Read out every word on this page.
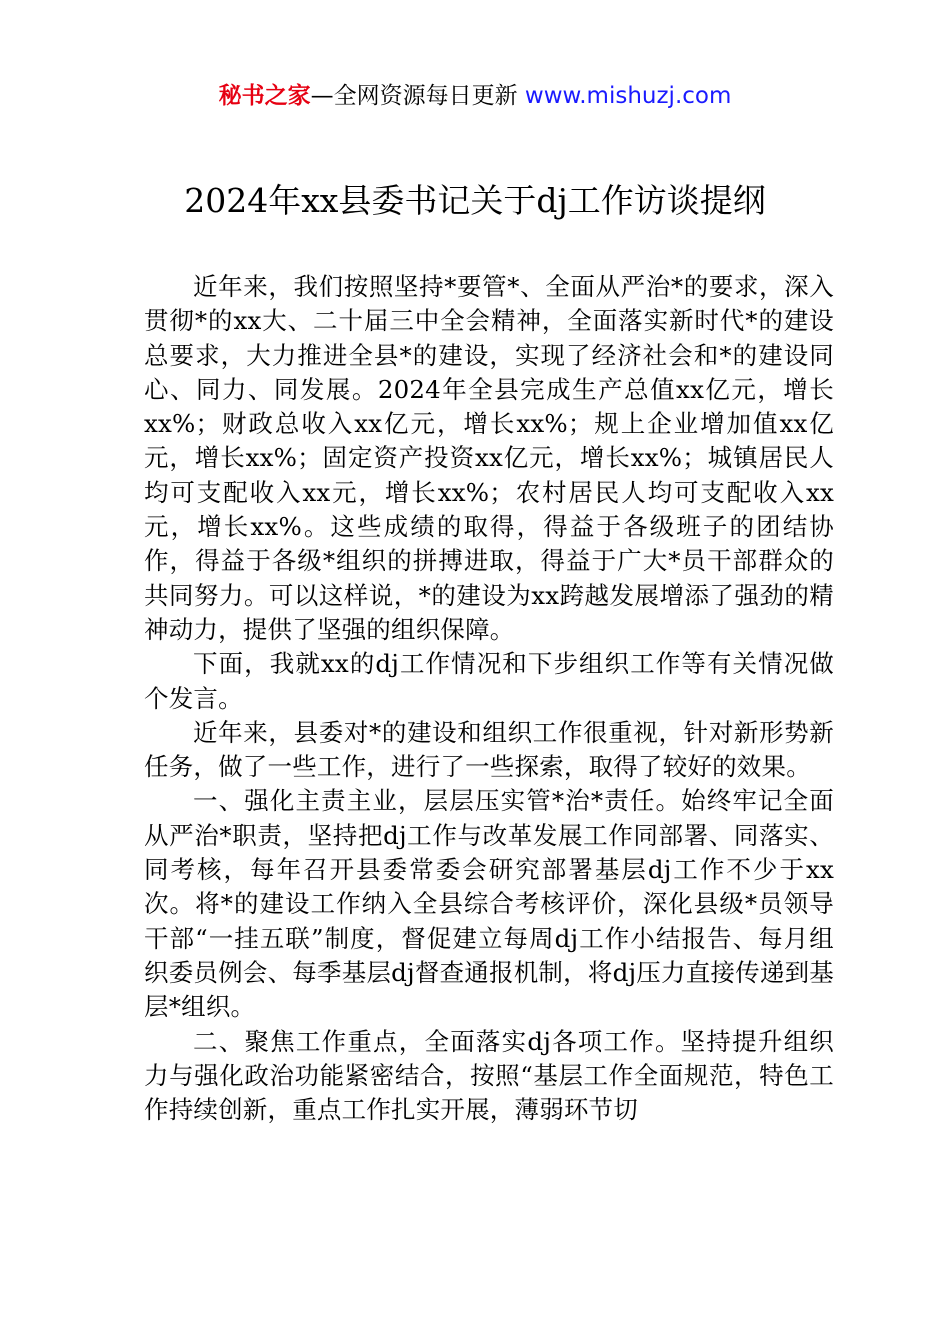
秘书之家—全网资源每日更新 www.mishuzj.com
2024年xx县委书记关于dj工作访谈提纲

近年来，我们按照坚持*要管*、全面从严治*的要求，深入贯彻*的xx大、二十届三中全会精神，全面落实新时代*的建设总要求，大力推进全县*的建设，实现了经济社会和*的建设同心、同力、同发展。2024年全县完成生产总值xx亿元，增长xx%；财政总收入xx亿元，增长xx%；规上企业增加值xx亿元，增长xx%；固定资产投资xx亿元，增长xx%；城镇居民人均可支配收入xx元，增长xx%；农村居民人均可支配收入xx元，增长xx%。这些成绩的取得，得益于各级班子的团结协作，得益于各级*组织的拼搏进取，得益于广大*员干部群众的共同努力。可以这样说，*的建设为xx跨越发展增添了强劲的精神动力，提供了坚强的组织保障。

下面，我就xx的dj工作情况和下步组织工作等有关情况做个发言。

近年来，县委对*的建设和组织工作很重视，针对新形势新任务，做了一些工作，进行了一些探索，取得了较好的效果。

一、强化主责主业，层层压实管*治*责任。始终牢记全面从严治*职责，坚持把dj工作与改革发展工作同部署、同落实、同考核，每年召开县委常委会研究部署基层dj工作不少于xx次。将*的建设工作纳入全县综合考核评价，深化县级*员领导干部“一挂五联”制度，督促建立每周dj工作小结报告、每月组织委员例会、每季基层dj督查通报机制，将dj压力直接传递到基层*组织。

二、聚焦工作重点，全面落实dj各项工作。坚持提升组织力与强化政治功能紧密结合，按照“基层工作全面规范，特色工作持续创新，重点工作扎实开展，薄弱环节切
